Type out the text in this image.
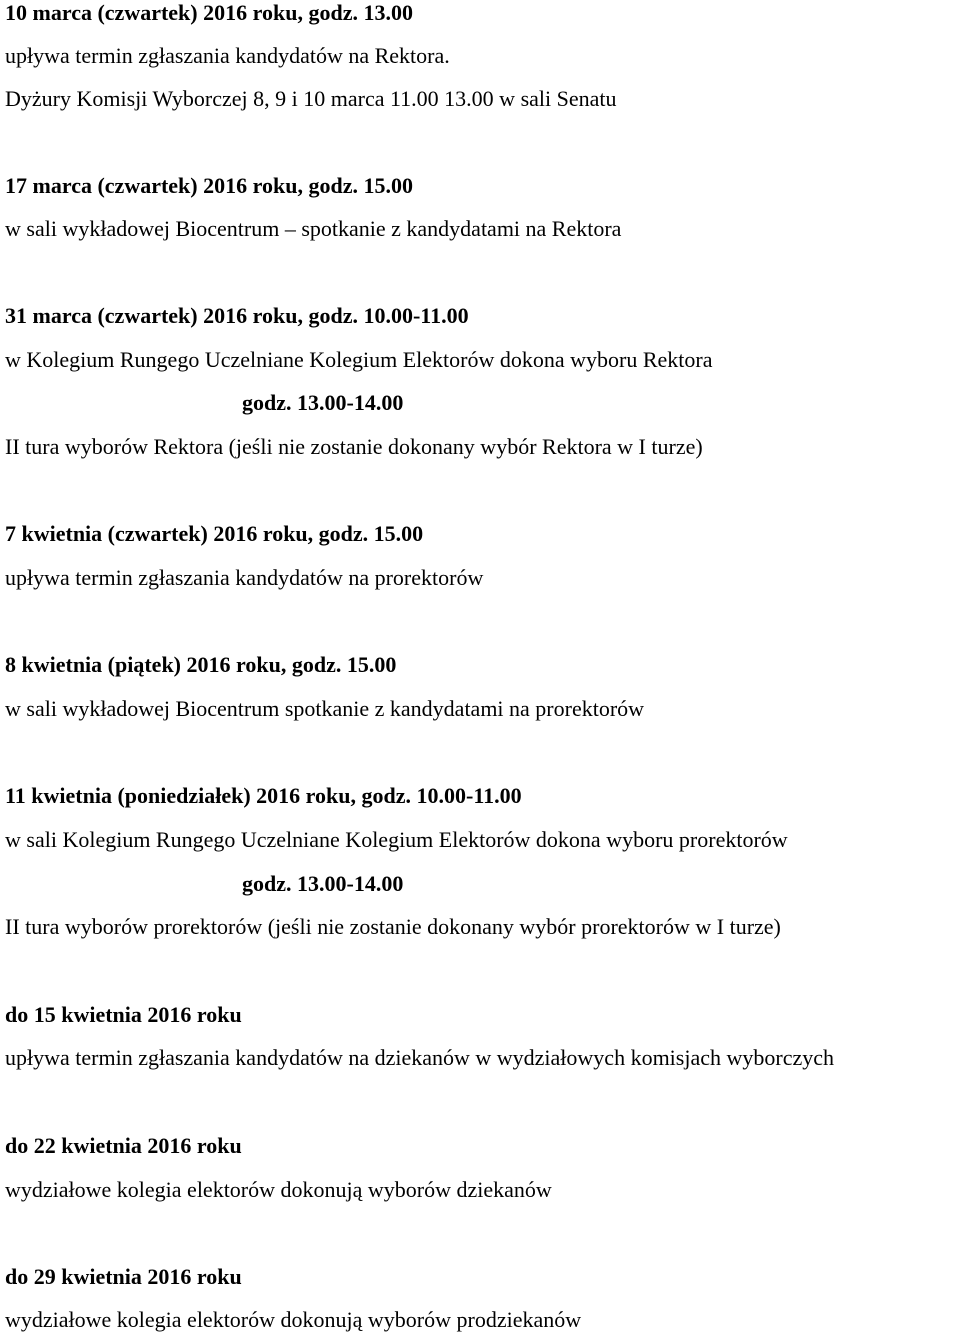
10 marca (czwartek) 2016 roku, godz. 13.00
upływa termin zgłaszania kandydatów na Rektora.
Dyżury Komisji Wyborczej 8, 9 i 10 marca 11.00 13.00 w sali Senatu
17 marca (czwartek) 2016 roku, godz. 15.00
w sali wykładowej Biocentrum – spotkanie z kandydatami na Rektora
31 marca (czwartek) 2016 roku, godz. 10.00-11.00
w Kolegium Rungego Uczelniane Kolegium Elektorów dokona wyboru Rektora
godz. 13.00-14.00
II tura wyborów Rektora (jeśli nie zostanie dokonany wybór Rektora w I turze)
7 kwietnia (czwartek) 2016 roku, godz. 15.00
upływa termin zgłaszania kandydatów na prorektorów
8 kwietnia (piątek) 2016 roku, godz. 15.00
w sali wykładowej Biocentrum spotkanie z kandydatami na prorektorów
11 kwietnia (poniedziałek) 2016 roku, godz. 10.00-11.00
w sali Kolegium Rungego Uczelniane Kolegium Elektorów dokona wyboru prorektorów
godz. 13.00-14.00
II tura wyborów prorektorów (jeśli nie zostanie dokonany wybór prorektorów w I turze)
do 15 kwietnia 2016 roku
upływa termin zgłaszania kandydatów na dziekanów w wydziałowych komisjach wyborczych
do 22 kwietnia 2016 roku
wydziałowe kolegia elektorów dokonują wyborów dziekanów
do 29 kwietnia 2016 roku
wydziałowe kolegia elektorów dokonują wyborów prodziekanów
